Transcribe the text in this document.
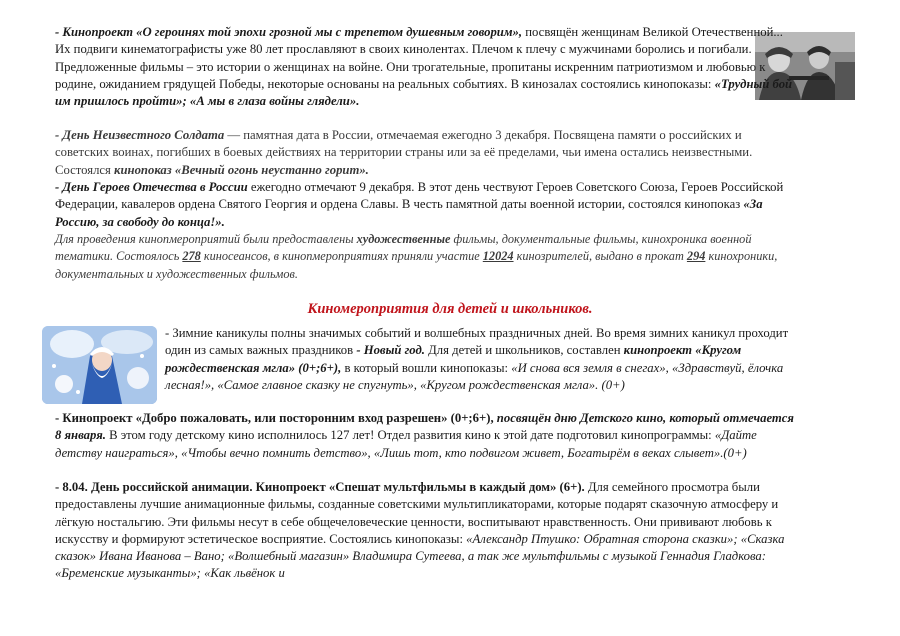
- Кинопроект «О героинях той эпохи грозной мы с трепетом душевным говорим», посвящён женщинам Великой Отечественной... Их подвиги кинематографисты уже 80 лет прославляют в своих кинолентах. Плечом к плечу с мужчинами боролись и погибали. Предложенные фильмы – это истории о женщинах на войне. Они трогательные, пропитаны искренним патриотизмом и любовью к родине, ожиданием грядущей Победы, некоторые основаны на реальных событиях. В кинозалах состоялись кинопоказы: «Трудный бой им пришлось пройти»; «А мы в глаза войны глядели».
- День Неизвестного Солдата — памятная дата в России, отмечаемая ежегодно 3 декабря. Посвящена памяти о российских и советских воинах, погибших в боевых действиях на территории страны или за её пределами, чьи имена остались неизвестными. Состоялся кинопоказ «Вечный огонь неустанно горит».
- День Героев Отечества в России ежегодно отмечают 9 декабря. В этот день чествуют Героев Советского Союза, Героев Российской Федерации, кавалеров ордена Святого Георгия и ордена Славы. В честь памятной даты военной истории, состоялся кинопоказ «За Россию, за свободу до конца!».
Для проведения кинопмероприятий были предоставлены художественные фильмы, документальные фильмы, кинохроника военной тематики. Состоялось 278 киносеансов, в кинопмероприятиях приняли участие 12024 кинозрителей, выдано в прокат 294 кинохроники, документальных и художественных фильмов.
Киномероприятия для детей и школьников.
- Зимние каникулы полны значимых событий и волшебных праздничных дней. Во время зимних каникул проходит один из самых важных праздников - Новый год. Для детей и школьников, составлен кинопроект «Кругом рождественская мгла» (0+;6+), в который вошли кинопоказы: «И снова вся земля в снегах», «Здравствуй, ёлочка лесная!», «Самое главное сказку не спугнуть», «Кругом рождественская мгла». (0+)
- Кинопроект «Добро пожаловать, или посторонним вход разрешен» (0+;6+), посвящён дню Детского кино, который отмечается 8 января. В этом году детскому кино исполнилось 127 лет! Отдел развития кино к этой дате подготовил кинопрограммы: «Дайте детству наиграться», «Чтобы вечно помнить детство», «Лишь тот, кто подвигом живет, Богатырём в веках слывет».(0+)
- 8.04. День российской анимации. Кинопроект «Спешат мультфильмы в каждый дом» (6+). Для семейного просмотра были предоставлены лучшие анимационные фильмы, созданные советскими мультипликаторами, которые подарят сказочную атмосферу и лёгкую ностальгию. Эти фильмы несут в себе общечеловеческие ценности, воспитывают нравственность. Они прививают любовь к искусству и формируют эстетическое восприятие. Состоялись кинопоказы: «Александр Птушко: Обратная сторона сказки»; «Сказка сказок» Ивана Иванова – Вано; «Волшебный магазин» Владимира Сутеева, а так же мультфильмы с музыкой Геннадия Гладкова: «Бременские музыканты»; «Как львёнок и
